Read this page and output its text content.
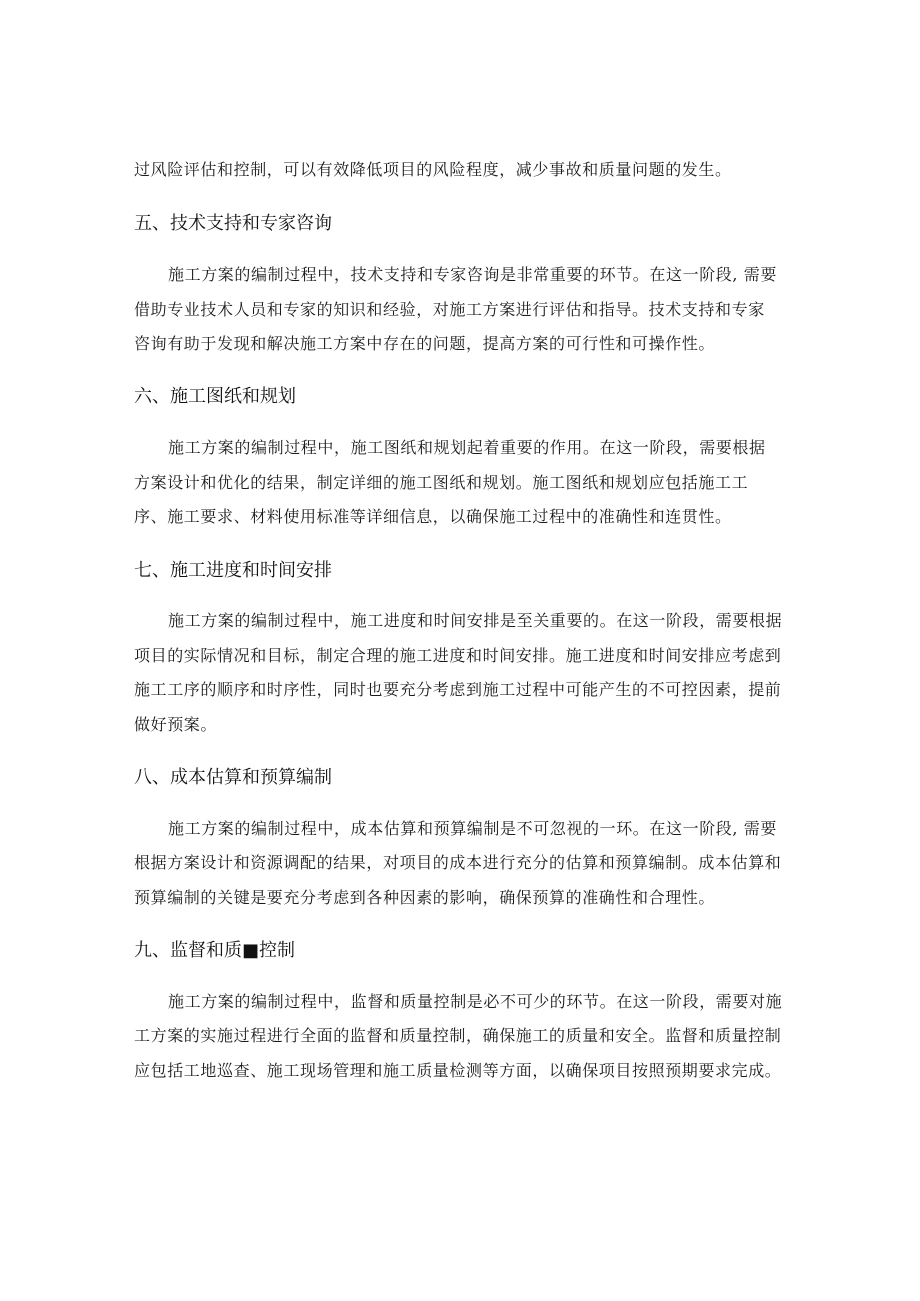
过风险评估和控制，可以有效降低项目的风险程度，减少事故和质量问题的发生。
五、技术支持和专家咨询
施工方案的编制过程中，技术支持和专家咨询是非常重要的环节。在这一阶段, 需要
借助专业技术人员和专家的知识和经验，对施工方案进行评估和指导。技术支持和专家
咨询有助于发现和解决施工方案中存在的问题，提高方案的可行性和可操作性。
六、施工图纸和规划
施工方案的编制过程中，施工图纸和规划起着重要的作用。在这一阶段，需要根据
方案设计和优化的结果，制定详细的施工图纸和规划。施工图纸和规划应包括施工工
序、施工要求、材料使用标准等详细信息，以确保施工过程中的准确性和连贯性。
七、施工进度和时间安排
施工方案的编制过程中，施工进度和时间安排是至关重要的。在这一阶段，需要根据
项目的实际情况和目标，制定合理的施工进度和时间安排。施工进度和时间安排应考虑到
施工工序的顺序和时序性，同时也要充分考虑到施工过程中可能产生的不可控因素，提前
做好预案。
八、成本估算和预算编制
施工方案的编制过程中，成本估算和预算编制是不可忽视的一环。在这一阶段, 需要
根据方案设计和资源调配的结果，对项目的成本进行充分的估算和预算编制。成本估算和
预算编制的关键是要充分考虑到各种因素的影响，确保预算的准确性和合理性。
九、监督和质■控制
施工方案的编制过程中，监督和质量控制是必不可少的环节。在这一阶段，需要对施
工方案的实施过程进行全面的监督和质量控制，确保施工的质量和安全。监督和质量控制
应包括工地巡查、施工现场管理和施工质量检测等方面，以确保项目按照预期要求完成。
